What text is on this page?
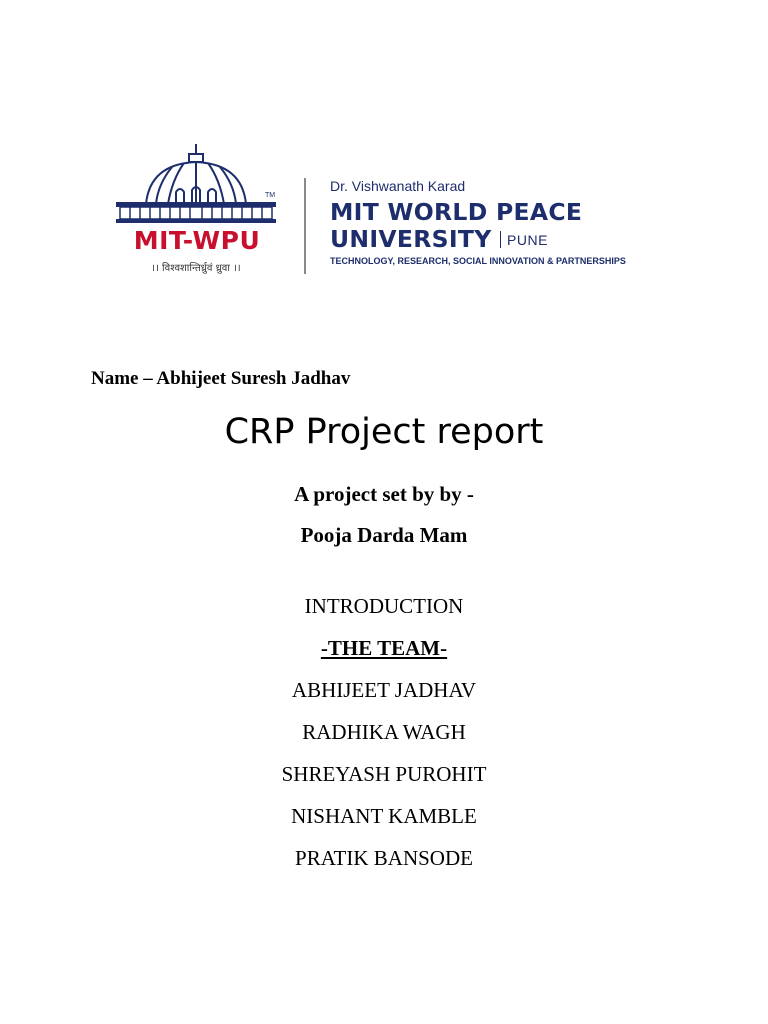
TM
MIT-WPU
।। विश्वशान्तिर्ध्रुवं ध्रुवा ।।
Dr. Vishwanath Karad
MIT WORLD PEACE
UNIVERSITY PUNE
TECHNOLOGY, RESEARCH, SOCIAL INNOVATION & PARTNERSHIPS
Name – Abhijeet Suresh Jadhav
CRP Project report
A project set by by -
Pooja Darda Mam
INTRODUCTION
-THE TEAM-
ABHIJEET JADHAV
RADHIKA WAGH
SHREYASH PUROHIT
NISHANT KAMBLE
PRATIK BANSODE
